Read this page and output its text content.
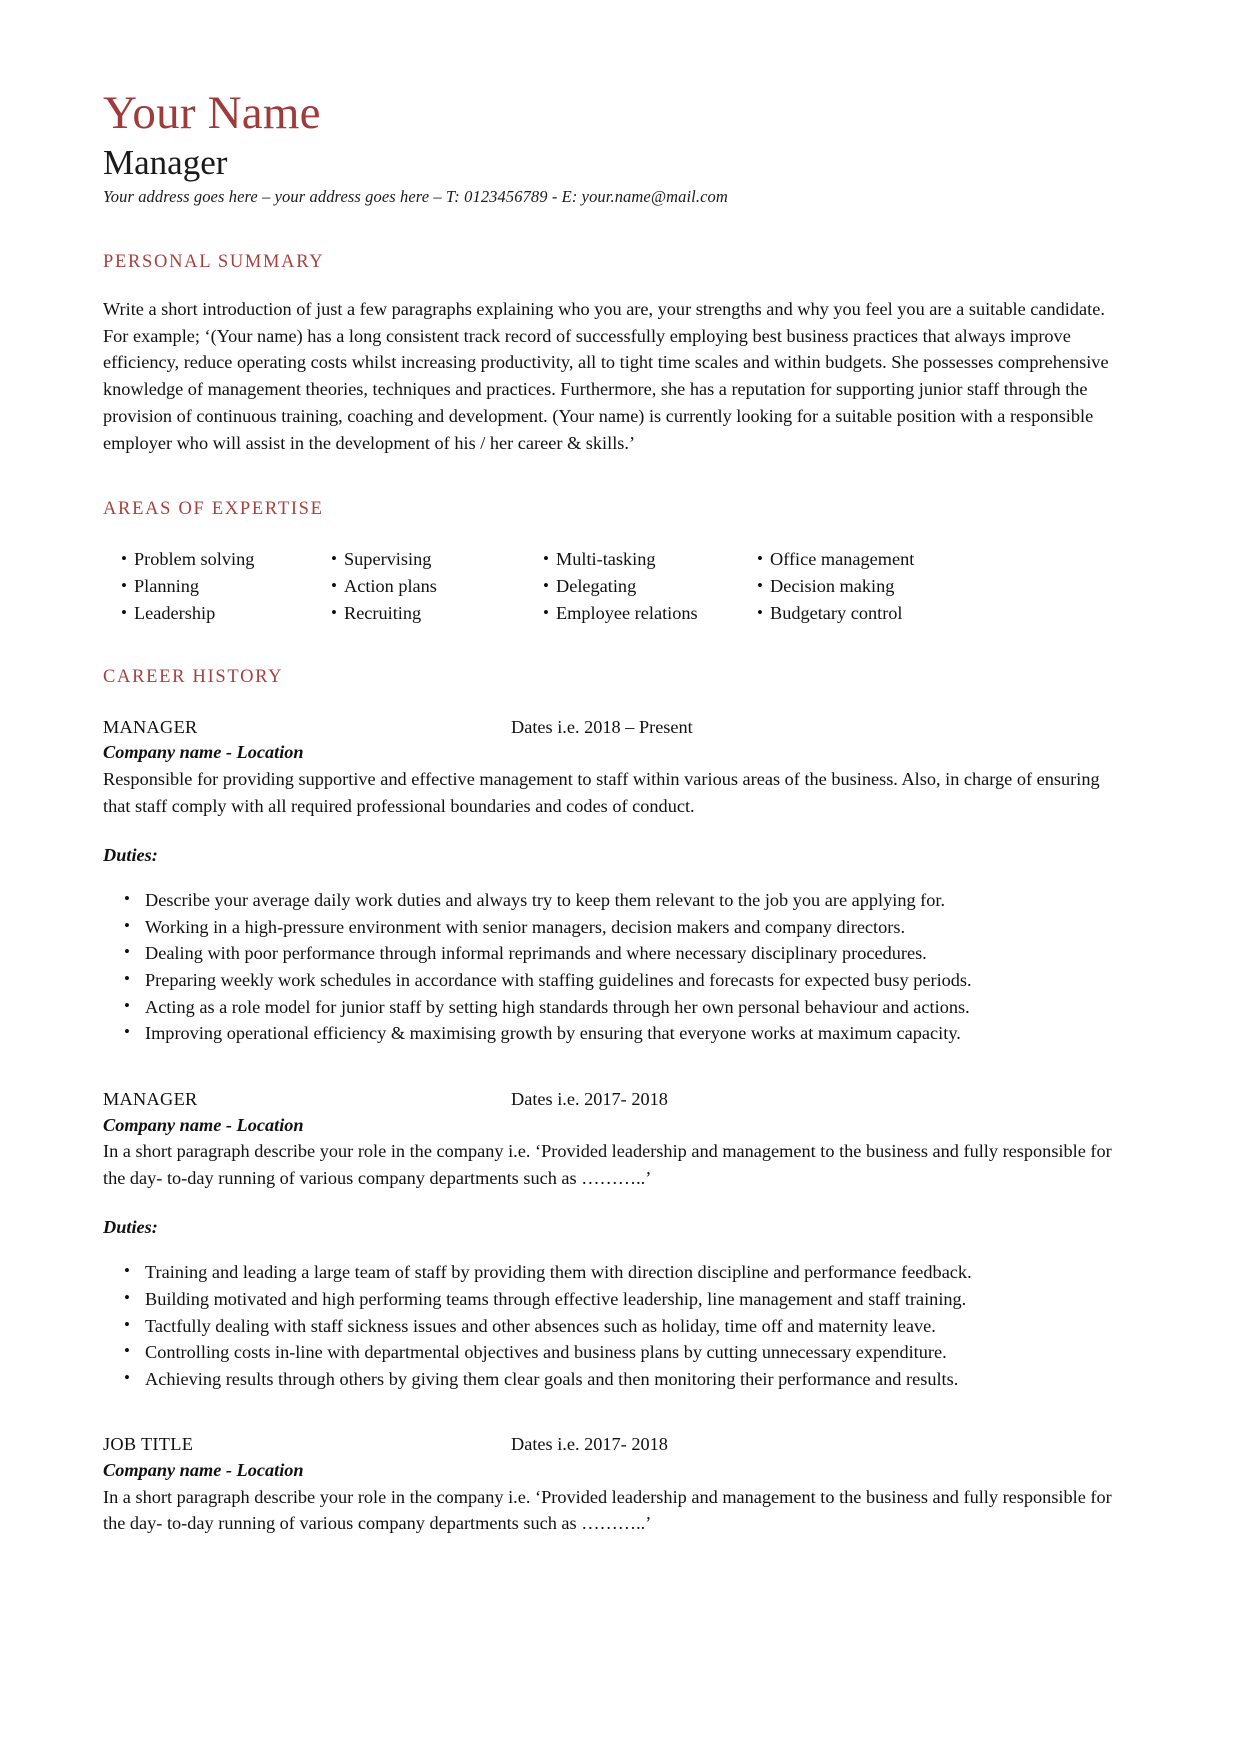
Your Name
Manager
Your address goes here – your address goes here – T: 0123456789 - E: your.name@mail.com
PERSONAL SUMMARY

Write a short introduction of just a few paragraphs explaining who you are, your strengths and why you feel you are a suitable candidate. For example; ‘(Your name) has a long consistent track record of successfully employing best business practices that always improve efficiency, reduce operating costs whilst increasing productivity, all to tight time scales and within budgets. She possesses comprehensive knowledge of management theories, techniques and practices. Furthermore, she has a reputation for supporting junior staff through the provision of continuous training, coaching and development. (Your name) is currently looking for a suitable position with a responsible employer who will assist in the development of his / her career & skills.’

AREAS OF EXPERTISE
• Problem solving	• Supervising	• Multi-tasking	• Office management
• Planning	• Action plans	• Delegating	• Decision making
• Leadership	• Recruiting	• Employee relations	• Budgetary control
CAREER HISTORY
MANAGER	Dates i.e. 2018 – Present
Company name - Location
Responsible for providing supportive and effective management to staff within various areas of the business. Also, in charge of ensuring that staff comply with all required professional boundaries and codes of conduct.
Duties:
• Describe your average daily work duties and always try to keep them relevant to the job you are applying for.
• Working in a high-pressure environment with senior managers, decision makers and company directors.
• Dealing with poor performance through informal reprimands and where necessary disciplinary procedures.
• Preparing weekly work schedules in accordance with staffing guidelines and forecasts for expected busy periods.
• Acting as a role model for junior staff by setting high standards through her own personal behaviour and actions.
• Improving operational efficiency & maximising growth by ensuring that everyone works at maximum capacity.
MANAGER	Dates i.e. 2017- 2018
Company name - Location
In a short paragraph describe your role in the company i.e. ‘Provided leadership and management to the business and fully responsible for the day- to-day running of various company departments such as ………..’
Duties:
• Training and leading a large team of staff by providing them with direction discipline and performance feedback.
• Building motivated and high performing teams through effective leadership, line management and staff training.
• Tactfully dealing with staff sickness issues and other absences such as holiday, time off and maternity leave.
• Controlling costs in-line with departmental objectives and business plans by cutting unnecessary expenditure.
• Achieving results through others by giving them clear goals and then monitoring their performance and results.
JOB TITLE	Dates i.e. 2017- 2018
Company name - Location
In a short paragraph describe your role in the company i.e. ‘Provided leadership and management to the business and fully responsible for the day- to-day running of various company departments such as ………..’
